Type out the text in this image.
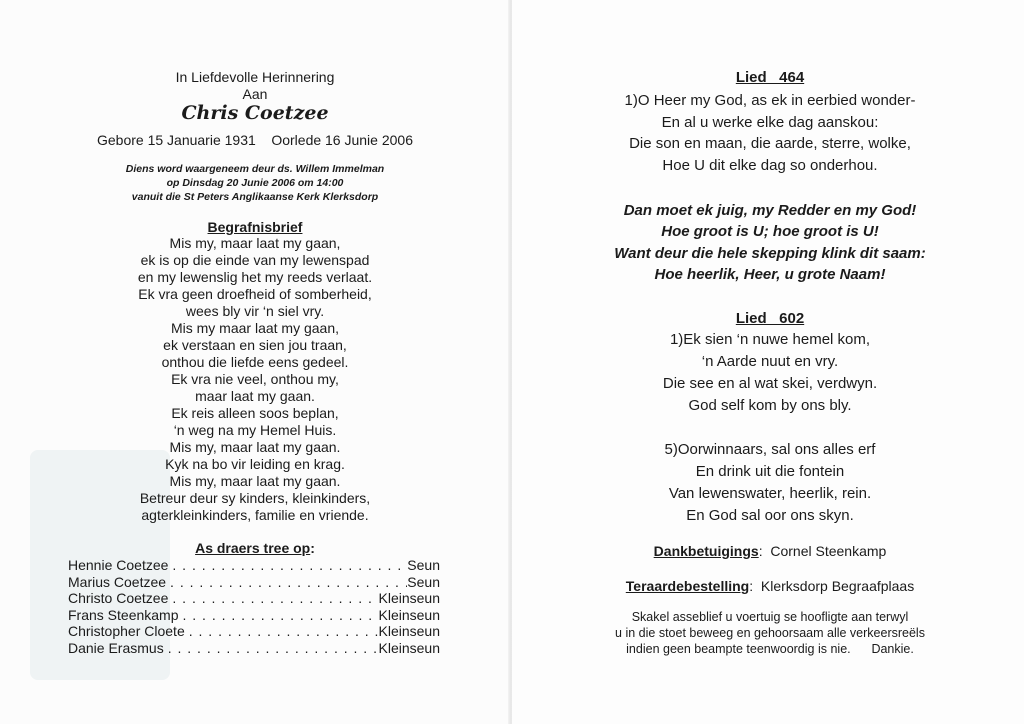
In Liefdevolle Herinnering
Aan
Chris Coetzee
Gebore 15 Januarie 1931    Oorlede 16 Junie 2006
Diens word waargeneem deur ds. Willem Immelman
op Dinsdag 20 Junie 2006 om 14:00
vanuit die St Peters Anglikaanse Kerk Klerksdorp
Begrafnisbrief
Mis my, maar laat my gaan,
ek is op die einde van my lewenspad
en my lewenslig het my reeds verlaat.
Ek vra geen droefheid of somberheid,
wees bly vir ‘n siel vry.
Mis my maar laat my gaan,
ek verstaan en sien jou traan,
onthou die liefde eens gedeel.
Ek vra nie veel, onthou my,
maar laat my gaan.
Ek reis alleen soos beplan,
‘n weg na my Hemel Huis.
Mis my, maar laat my gaan.
Kyk na bo vir leiding en krag.
Mis my, maar laat my gaan.
Betreur deur sy kinders, kleinkinders,
agterkleinkinders, familie en vriende.
As draers tree op:
Hennie Coetzee . . .	Seun
Marius Coetzee . . .	Seun
Christo Coetzee . . .	Kleinseun
Frans Steenkamp . . .	Kleinseun
Christopher Cloete . . .	Kleinseun
Danie Erasmus . . .	Kleinseun
Lied   464
1)O Heer my God, as ek in eerbied wonder-
En al u werke elke dag aanskou:
Die son en maan, die aarde, sterre, wolke,
Hoe U dit elke dag so onderhou.
Dan moet ek juig, my Redder en my God!
Hoe groot is U; hoe groot is U!
Want deur die hele skepping klink dit saam:
Hoe heerlik, Heer, u grote Naam!
Lied   602
1)Ek sien ‘n nuwe hemel kom,
‘n Aarde nuut en vry.
Die see en al wat skei, verdwyn.
God self kom by ons bly.
5)Oorwinnaars, sal ons alles erf
En drink uit die fontein
Van lewenswater, heerlik, rein.
En God sal oor ons skyn.
Dankbetuigings:  Cornel Steenkamp
Teraardebestelling:  Klerksdorp Begraafplaas
Skakel asseblief u voertuig se hoofligte aan terwyl
u in die stoet beweeg en gehoorsaam alle verkeersreëls
indien geen beampte teenwoordig is nie.      Dankie.
